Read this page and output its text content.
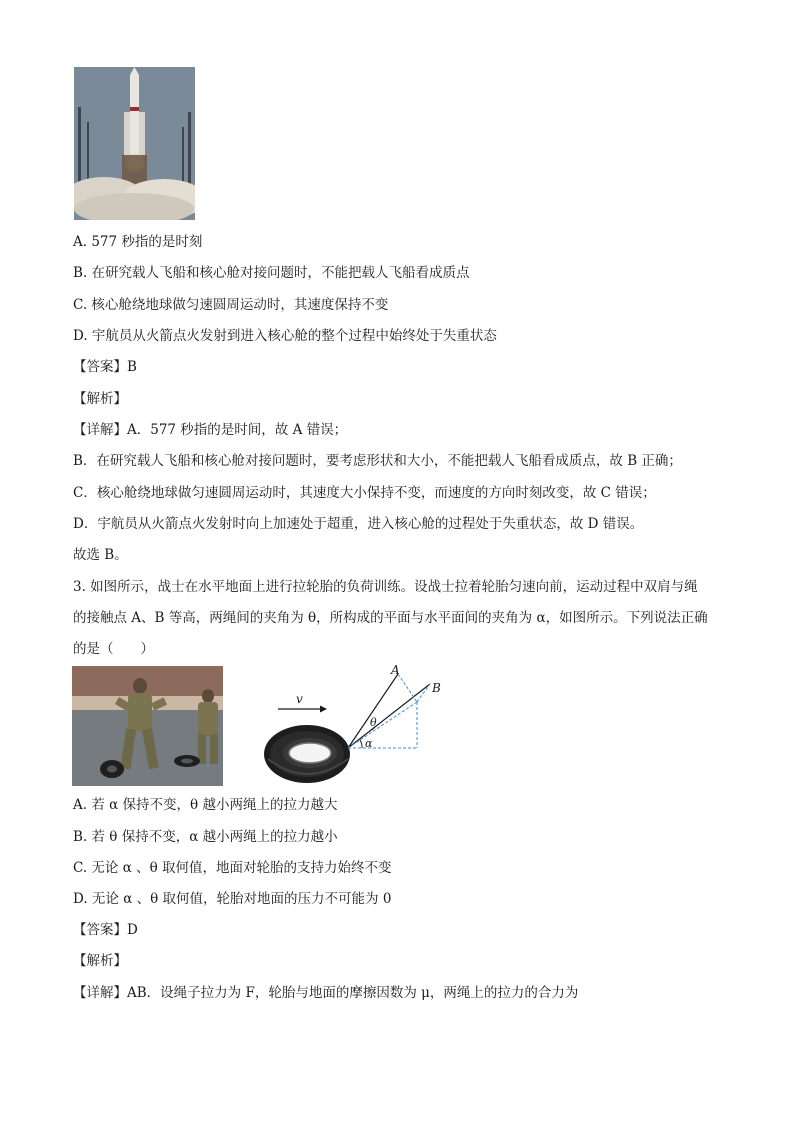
A. 577 秒指的是时刻
B. 在研究载人飞船和核心舱对接问题时，不能把载人飞船看成质点
C. 核心舱绕地球做匀速圆周运动时，其速度保持不变
D. 宇航员从火箭点火发射到进入核心舱的整个过程中始终处于失重状态
【答案】B
【解析】
【详解】A．577 秒指的是时间，故 A 错误；
B．在研究载人飞船和核心舱对接问题时，要考虑形状和大小，不能把载人飞船看成质点，故 B 正确；
C．核心舱绕地球做匀速圆周运动时，其速度大小保持不变，而速度的方向时刻改变，故 C 错误；
D．宇航员从火箭点火发射时向上加速处于超重，进入核心舱的过程处于失重状态，故 D 错误。
故选 B。
3. 如图所示，战士在水平地面上进行拉轮胎的负荷训练。设战士拉着轮胎匀速向前，运动过程中双肩与绳
的接触点 A、B 等高，两绳间的夹角为 θ，所构成的平面与水平面间的夹角为 α，如图所示。下列说法正确
的是（　　）
v
A
B
θ
α
A. 若 α 保持不变，θ 越小两绳上的拉力越大
B. 若 θ 保持不变，α 越小两绳上的拉力越小
C. 无论 α 、θ 取何值，地面对轮胎的支持力始终不变
D. 无论 α 、θ 取何值，轮胎对地面的压力不可能为 0
【答案】D
【解析】
【详解】AB．设绳子拉力为 F，轮胎与地面的摩擦因数为 μ，两绳上的拉力的合力为
